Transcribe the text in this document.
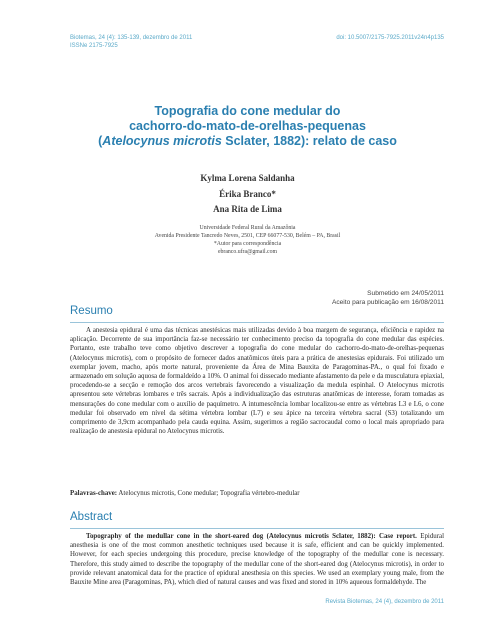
Biotemas, 24 (4): 135-139, dezembro de 2011
ISSNe 2175-7925
doi: 10.5007/2175-7925.2011v24n4p135
Topografia do cone medular do
cachorro-do-mato-de-orelhas-pequenas
(Atelocynus microtis Sclater, 1882): relato de caso
Kylma Lorena Saldanha
Érika Branco*
Ana Rita de Lima
Universidade Federal Rural da Amazônia
Avenida Presidente Tancredo Neves, 2501, CEP 66077-530, Belém – PA, Brasil
*Autor para correspondência
ebranco.ufra@gmail.com
Submetido em 24/05/2011
Aceito para publicação em 16/08/2011
Resumo
A anestesia epidural é uma das técnicas anestésicas mais utilizadas devido à boa margem de segurança, eficiência e rapidez na aplicação. Decorrente de sua importância faz-se necessário ter conhecimento preciso da topografia do cone medular das espécies. Portanto, este trabalho teve como objetivo descrever a topografia do cone medular do cachorro-do-mato-de-orelhas-pequenas (Atelocynus microtis), com o propósito de fornecer dados anatômicos úteis para a prática de anestesias epidurais. Foi utilizado um exemplar jovem, macho, após morte natural, proveniente da Área de Mina Bauxita de Paragominas-PA., o qual foi fixado e armazenado em solução aquosa de formaldeído a 10%. O animal foi dissecado mediante afastamento da pele e da musculatura epiaxial, procedendo-se a secção e remoção dos arcos vertebrais favorecendo a visualização da medula espinhal. O Atelocynus microtis apresentou sete vértebras lombares e três sacrais. Após a individualização das estruturas anatômicas de interesse, foram tomadas as mensurações do cone medular com o auxílio de paquímetro. A intumescência lombar localizou-se entre as vértebras L3 e L6, o cone medular foi observado em nível da sétima vértebra lombar (L7) e seu ápice na terceira vértebra sacral (S3) totalizando um comprimento de 3,9cm acompanhado pela cauda equina. Assim, sugerimos a região sacrocaudal como o local mais apropriado para realização de anestesia epidural no Atelocynus microtis.
Palavras-chave: Atelocynus microtis, Cone medular; Topografia vértebro-medular
Abstract
Topography of the medullar cone in the short-eared dog (Atelocynus microtis Sclater, 1882): Case report. Epidural anesthesia is one of the most common anesthetic techniques used because it is safe, efficient and can be quickly implemented. However, for each species undergoing this procedure, precise knowledge of the topography of the medullar cone is necessary. Therefore, this study aimed to describe the topography of the medullar cone of the short-eared dog (Atelocynus microtis), in order to provide relevant anatomical data for the practice of epidural anesthesia on this species. We used an exemplary young male, from the Bauxite Mine area (Paragominas, PA), which died of natural causes and was fixed and stored in 10% aqueous formaldehyde. The
Revista Biotemas, 24 (4), dezembro de 2011
